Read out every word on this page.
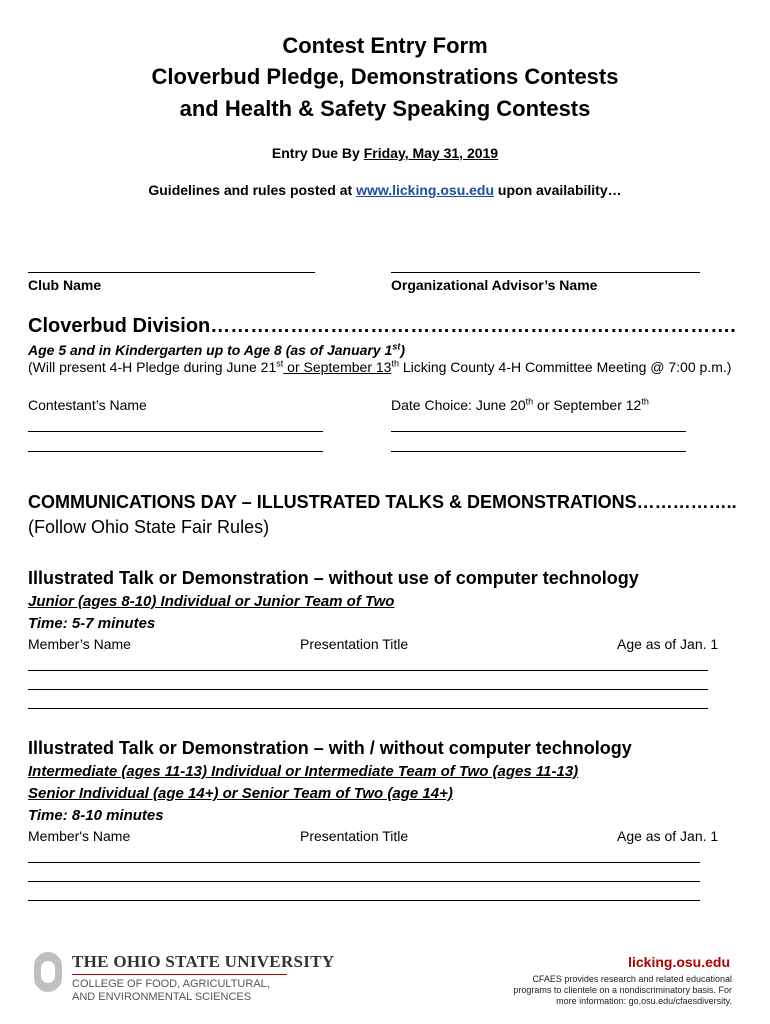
Contest Entry Form
Cloverbud Pledge, Demonstrations Contests
and Health & Safety Speaking Contests
Entry Due By Friday, May 31, 2019
Guidelines and rules posted at www.licking.osu.edu upon availability…
Club Name	Organizational Advisor’s Name
Cloverbud Division…………………………………………………………………….
Age 5 and in Kindergarten up to Age 8 (as of January 1st)
(Will present 4-H Pledge during June 21st or September 13th Licking County 4-H Committee Meeting @ 7:00 p.m.)
Contestant’s Name	Date Choice: June 20th or September 12th
COMMUNICATIONS DAY – ILLUSTRATED TALKS & DEMONSTRATIONS……………..
(Follow Ohio State Fair Rules)
Illustrated Talk or Demonstration – without use of computer technology
Junior (ages 8-10) Individual or Junior Team of Two
Time: 5-7 minutes
Member’s Name	Presentation Title	Age as of Jan. 1
Illustrated Talk or Demonstration – with / without computer technology
Intermediate (ages 11-13) Individual or Intermediate Team of Two (ages 11-13)
Senior Individual (age 14+) or Senior Team of Two (age 14+)
Time: 8-10 minutes
Member's Name	Presentation Title	Age as of Jan. 1
THE OHIO STATE UNIVERSITY
COLLEGE OF FOOD, AGRICULTURAL,
AND ENVIRONMENTAL SCIENCES
licking.osu.edu
CFAES provides research and related educational
programs to clientele on a nondiscriminatory basis. For
more information: go.osu.edu/cfaesdiversity.
